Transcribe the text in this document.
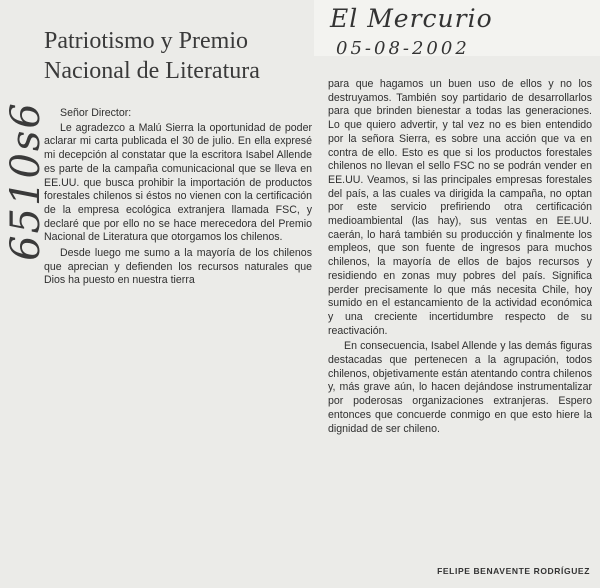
6510s6
El Mercurio
05-08-2002
Patriotismo y Premio Nacional de Literatura

Señor Director:

Le agradezco a Malú Sierra la oportunidad de poder aclarar mi carta publicada el 30 de julio. En ella expresé mi decepción al constatar que la escritora Isabel Allende es parte de la campaña comunicacional que se lleva en EE.UU. que busca prohibir la importación de productos forestales chilenos si éstos no vienen con la certificación de la empresa ecológica extranjera llamada FSC, y declaré que por ello no se hace merecedora del Premio Nacional de Literatura que otorgamos los chilenos.

Desde luego me sumo a la mayoría de los chilenos que aprecian y defienden los recursos naturales que Dios ha puesto en nuestra tierra

para que hagamos un buen uso de ellos y no los destruyamos. También soy partidario de desarrollarlos para que brinden bienestar a todas las generaciones. Lo que quiero advertir, y tal vez no es bien entendido por la señora Sierra, es sobre una acción que va en contra de ello. Esto es que si los productos forestales chilenos no llevan el sello FSC no se podrán vender en EE.UU. Veamos, si las principales empresas forestales del país, a las cuales va dirigida la campaña, no optan por este servicio prefiriendo otra certificación medioambiental (las hay), sus ventas en EE.UU. caerán, lo hará también su producción y finalmente los empleos, que son fuente de ingresos para muchos chilenos, la mayoría de ellos de bajos recursos y residiendo en zonas muy pobres del país. Significa perder precisamente lo que más necesita Chile, hoy sumido en el estancamiento de la actividad económica y una creciente incertidumbre respecto de su reactivación.

En consecuencia, Isabel Allende y las demás figuras destacadas que pertenecen a la agrupación, todos chilenos, objetivamente están atentando contra chilenos y, más grave aún, lo hacen dejándose instrumentalizar por poderosas organizaciones extranjeras. Espero entonces que concuerde conmigo en que esto hiere la dignidad de ser chileno.

FELIPE BENAVENTE RODRÍGUEZ
